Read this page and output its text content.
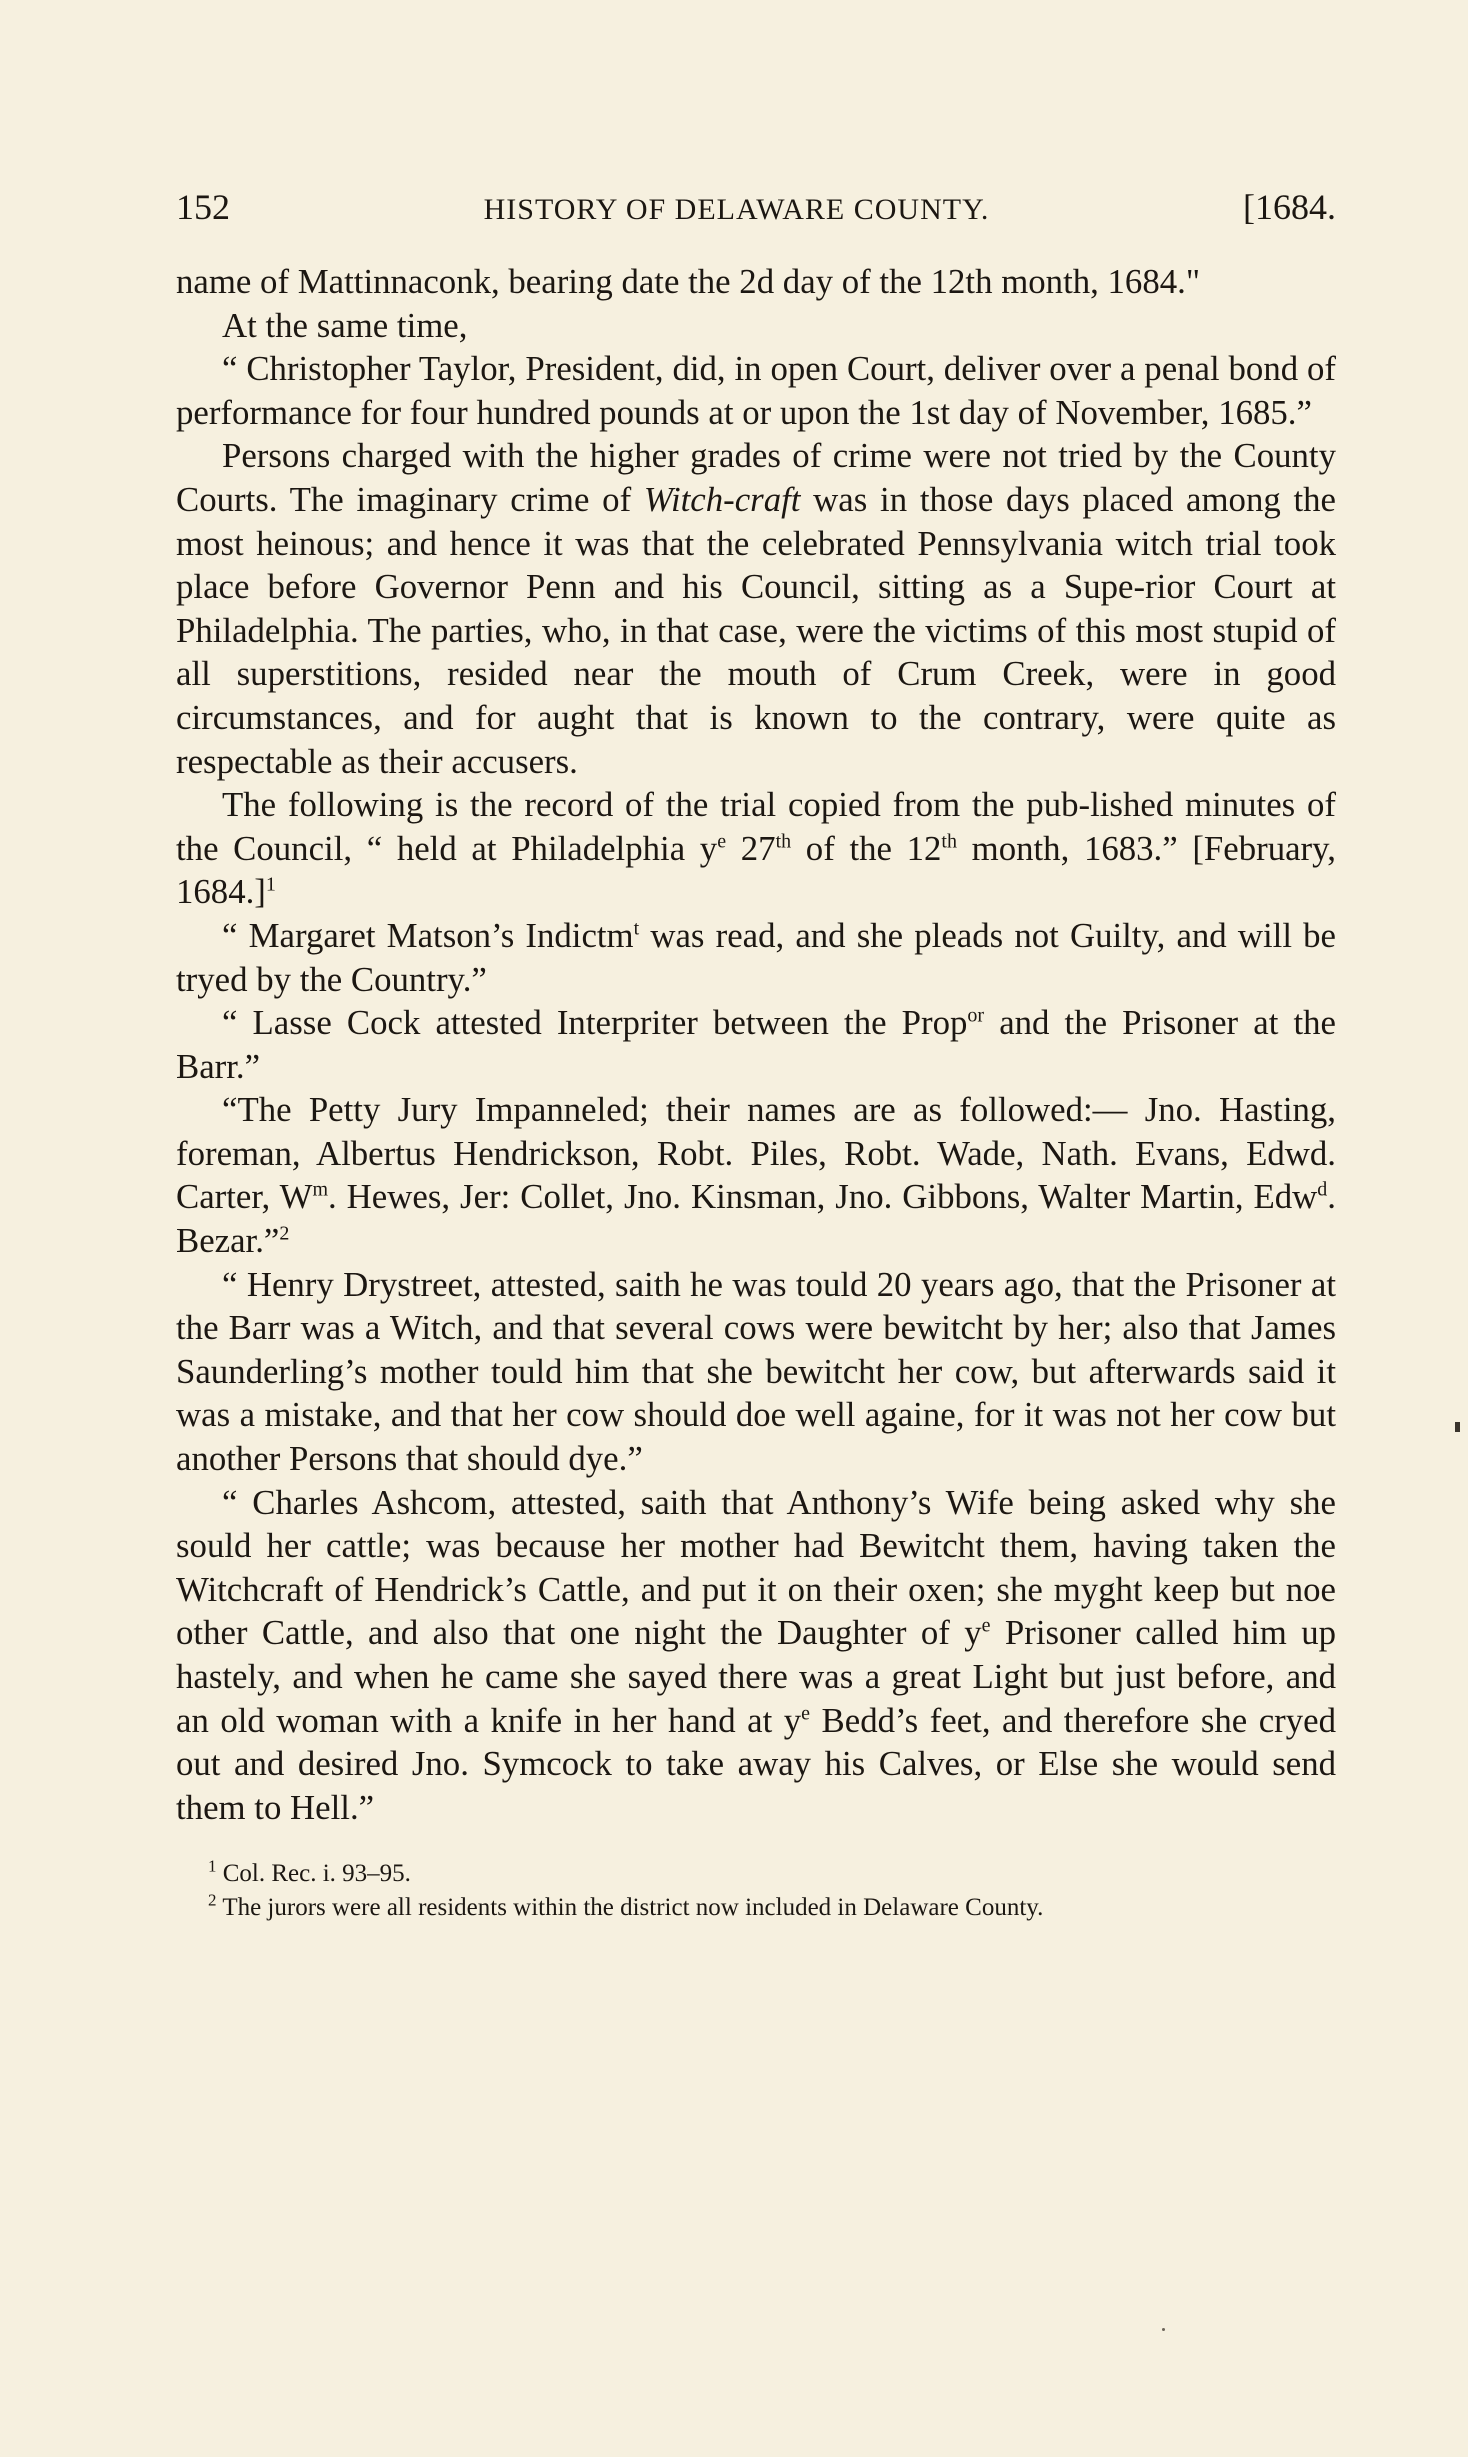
152	HISTORY OF DELAWARE COUNTY.	[1684.

name of Mattinnaconk, bearing date the 2d day of the 12th month, 1684."

At the same time,

“ Christopher Taylor, President, did, in open Court, deliver over a penal bond of performance for four hundred pounds at or upon the 1st day of November, 1685.”

Persons charged with the higher grades of crime were not tried by the County Courts. The imaginary crime of Witch-craft was in those days placed among the most heinous; and hence it was that the celebrated Pennsylvania witch trial took place before Governor Penn and his Council, sitting as a Supe-rior Court at Philadelphia. The parties, who, in that case, were the victims of this most stupid of all superstitions, resided near the mouth of Crum Creek, were in good circumstances, and for aught that is known to the contrary, were quite as respectable as their accusers.

The following is the record of the trial copied from the pub-lished minutes of the Council, “ held at Philadelphia $y^e$ 27th of the 12th month, 1683.” [February, 1684.]$^1$

“ Margaret Matson’s Indictm$^t$ was read, and she pleads not Guilty, and will be tryed by the Country.”

“ Lasse Cock attested Interpriter between the Prop$^{or}$ and the Prisoner at the Barr.”

“The Petty Jury Impanneled; their names are as followed:— Jno. Hasting, foreman, Albertus Hendrickson, Robt. Piles, Robt. Wade, Nath. Evans, Edwd. Carter, $W^m$. Hewes, Jer: Collet, Jno. Kinsman, Jno. Gibbons, Walter Martin, Edw$^d$. Bezar.”$^2$

“ Henry Drystreet, attested, saith he was tould 20 years ago, that the Prisoner at the Barr was a Witch, and that several cows were bewitcht by her; also that James Saunderling’s mother tould him that she bewitcht her cow, but afterwards said it was a mistake, and that her cow should doe well againe, for it was not her cow but another Persons that should dye.”

“ Charles Ashcom, attested, saith that Anthony’s Wife being asked why she sould her cattle; was because her mother had Bewitcht them, having taken the Witchcraft of Hendrick’s Cattle, and put it on their oxen; she myght keep but noe other Cattle, and also that one night the Daughter of $y^e$ Prisoner called him up hastely, and when he came she sayed there was a great Light but just before, and an old woman with a knife in her hand at $y^e$ Bedd’s feet, and therefore she cryed out and desired Jno. Symcock to take away his Calves, or Else she would send them to Hell.”

$^1$ Col. Rec. i. 93–95.

$^2$ The jurors were all residents within the district now included in Delaware County.
